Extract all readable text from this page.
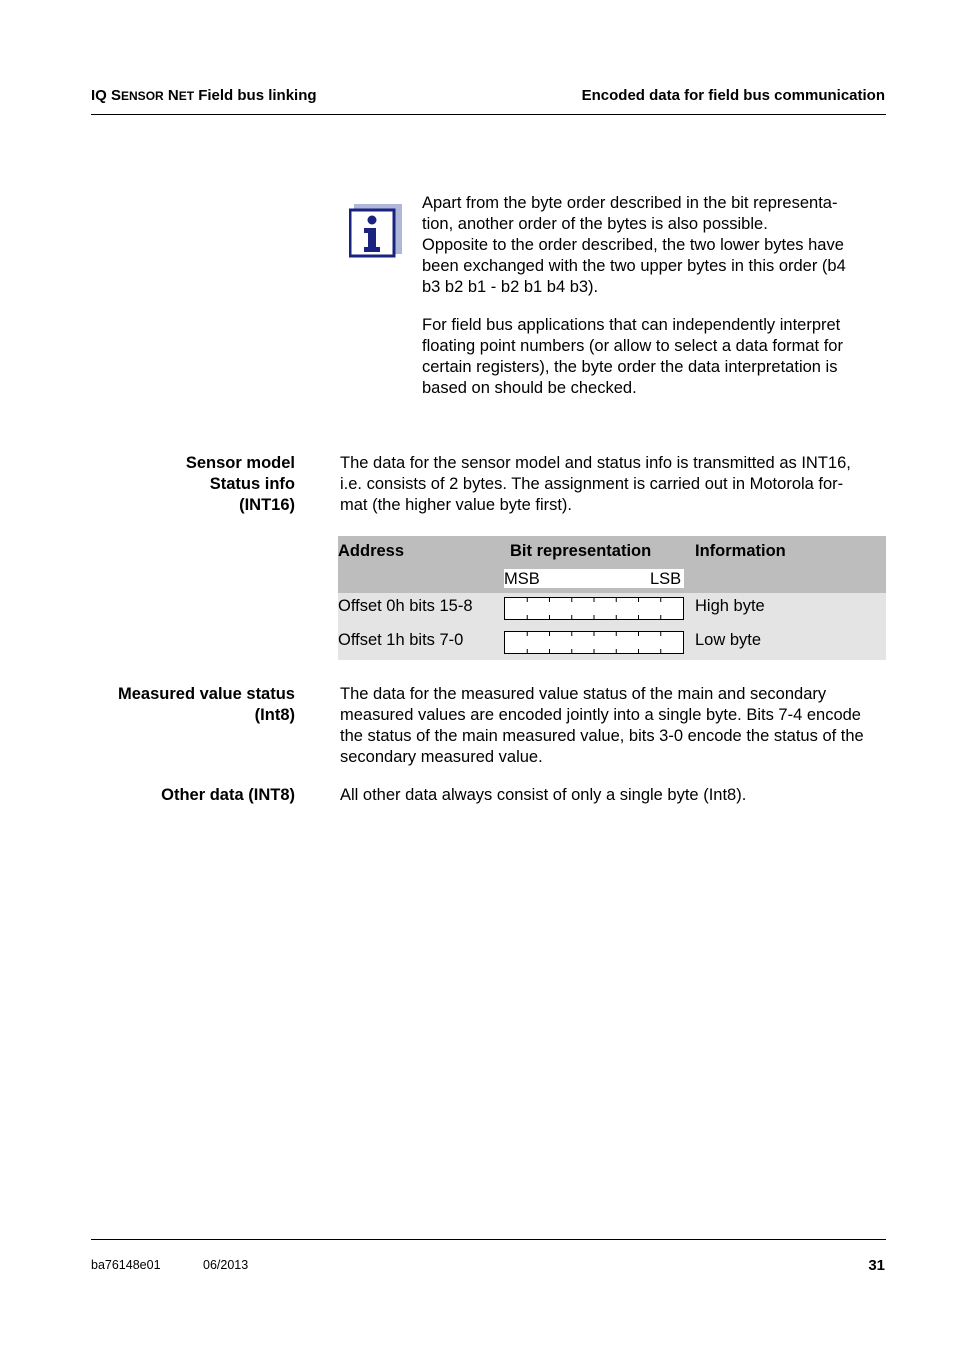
IQ SENSOR NET Field bus linking	Encoded data for field bus communication
Apart from the byte order described in the bit representa-
tion, another order of the bytes is also possible.
Opposite to the order described, the two lower bytes have
been exchanged with the two upper bytes in this order (b4
b3 b2 b1 - b2 b1 b4 b3).
For field bus applications that can independently interpret
floating point numbers (or allow to select a data format for
certain registers), the byte order the data interpretation is
based on should be checked.
Sensor model
Status info
(INT16)
The data for the sensor model and status info is transmitted as INT16,
i.e. consists of 2 bytes. The assignment is carried out in Motorola for-
mat (the higher value byte first).
Address	Bit representation	Information
MSB	LSB
Offset 0h bits 15-8	High byte
Offset 1h bits 7-0	Low byte
Measured value status
(Int8)
The data for the measured value status of the main and secondary
measured values are encoded jointly into a single byte. Bits 7-4 encode
the status of the main measured value, bits 3-0 encode the status of the
secondary measured value.
Other data (INT8)	All other data always consist of only a single byte (Int8).
ba76148e01	06/2013	31
